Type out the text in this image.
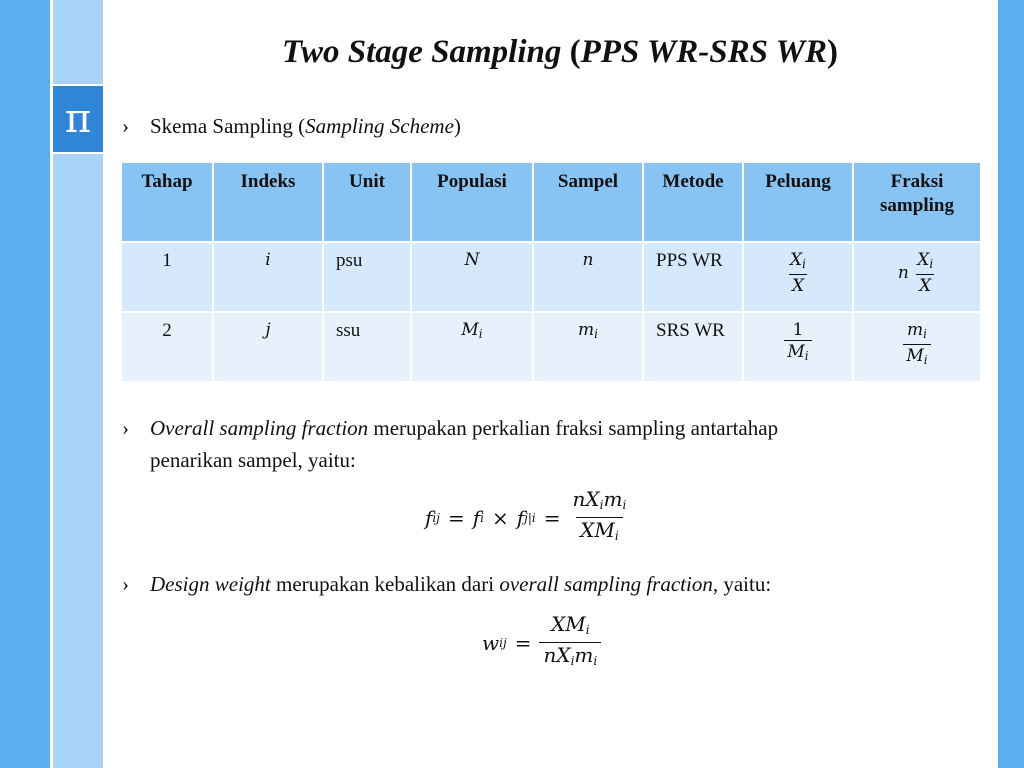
π
Two Stage Sampling (PPS WR-SRS WR)
› Skema Sampling (Sampling Scheme)
Tahap	Indeks	Unit	Populasi	Sampel	Metode	Peluang	Fraksi sampling
1	i	psu	N	n	PPS WR	$\frac{X_i}{X}$	n $\frac{X_i}{X}$

2	j	ssu	$M_i$	$m_i$	SRS WR	$\frac{1}{M_i}$	$\frac{m_i}{M_i}$
› Overall sampling fraction merupakan perkalian fraksi sampling antartahap
penarikan sampel, yaitu:
f ij = f i × f $j|i = \frac{nX_im_i}{XM_i}$
› Design weight merupakan kebalikan dari overall sampling fraction, yaitu:
w ij = $\frac{XM_i}{nX_im_i}$
